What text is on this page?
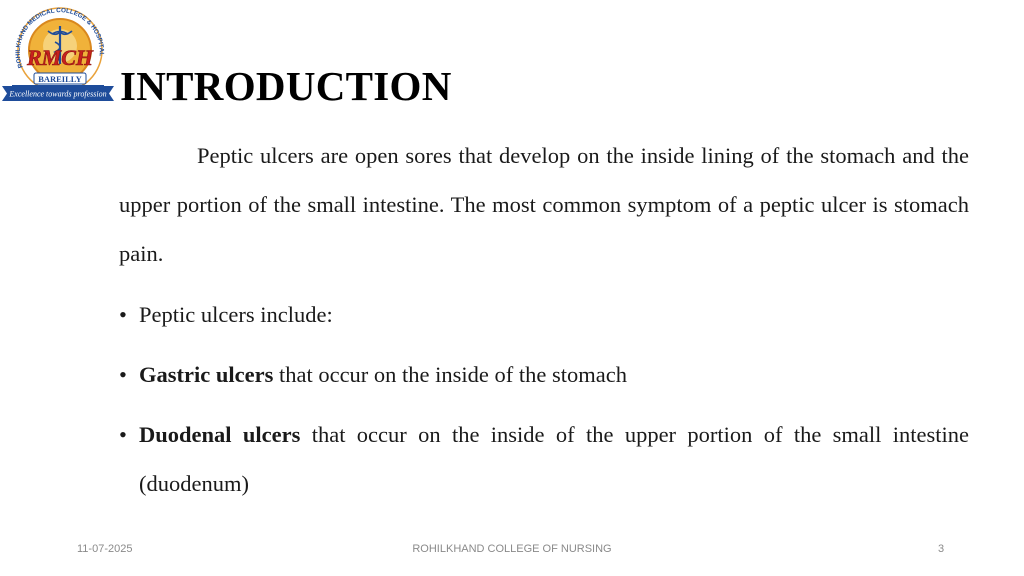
ROHILKHAND MEDICAL COLLEGE & HOSPITAL
RMCH
BAREILLY
Excellence towards profession INTRODUCTION

Peptic ulcers are open sores that develop on the inside lining of the stomach and the upper portion of the small intestine. The most common symptom of a peptic ulcer is stomach pain.

• Peptic ulcers include:
• Gastric ulcers that occur on the inside of the stomach
• Duodenal ulcers that occur on the inside of the upper portion of the small intestine (duodenum)
11-07-2025	ROHILKHAND COLLEGE OF NURSING	3
